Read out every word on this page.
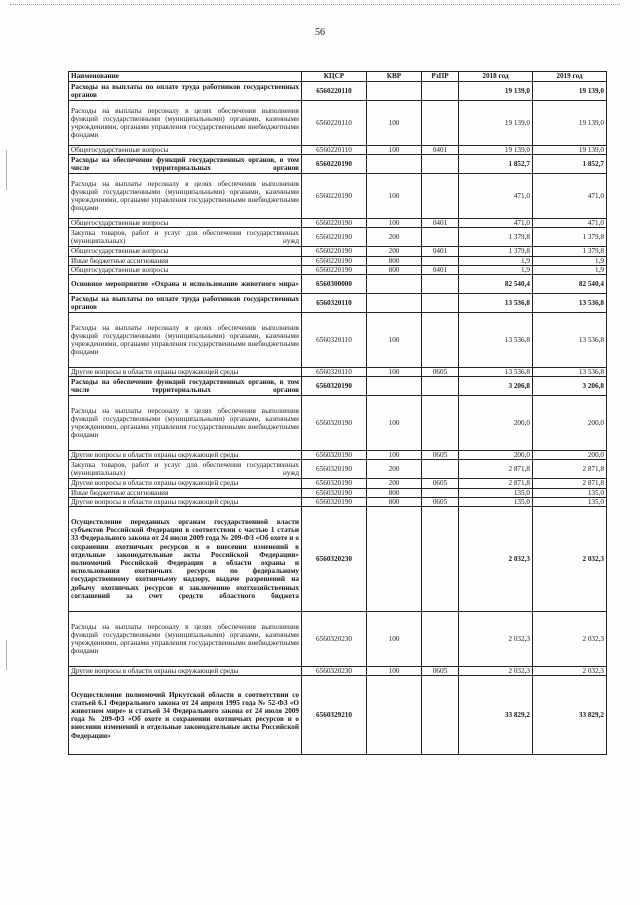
56
Наименование	КЦСР	КВР	РзПР	2018 год	2019 год
Расходы на выплаты по оплате труда работников государственных органов	6560220110			19 139,0	19 139,0
Расходы на выплаты персоналу в целях обеспечения выполнения функций государственными (муниципальными) органами, казенными учреждениями, органами управления государственными внебюджетными фондами	6560220110	100		19 139,0	19 139,0
Общегосударственные вопросы	6560220110	100	0401	19 139,0	19 139,0
Расходы на обеспечение функций государственных органов, в том числе территориальных органов	6560220190			1 852,7	1 852,7
Расходы на выплаты персоналу в целях обеспечения выполнения функций государственными (муниципальными) органами, казенными учреждениями, органами управления государственными внебюджетными фондами	6560220190	100		471,0	471,0
Общегосударственные вопросы	6560220190	100	0401	471,0	471,0
Закупка товаров, работ и услуг для обеспечения государственных (муниципальных) нужд	6560220190	200		1 379,8	1 379,8
Общегосударственные вопросы	6560220190	200	0401	1 379,8	1 379,8
Иные бюджетные ассигнования	6560220190	800		1,9	1,9
Общегосударственные вопросы	6560220190	800	0401	1,9	1,9
Основное мероприятие «Охрана и использование животного мира»	6560300000			82 540,4	82 540,4
Расходы на выплаты по оплате труда работников государственных органов	6560320110			13 536,8	13 536,8
Расходы на выплаты персоналу в целях обеспечения выполнения функций государственными (муниципальными) органами, казенными учреждениями, органами управления государственными внебюджетными фондами	6560320110	100		13 536,8	13 536,8
Другие вопросы в области охраны окружающей среды	6560320110	100	0605	13 536,8	13 536,8
Расходы на обеспечение функций государственных органов, в том числе территориальных органов	6560320190			3 206,8	3 206,8
Расходы на выплаты персоналу в целях обеспечения выполнения функций государственными (муниципальными) органами, казенными учреждениями, органами управления государственными внебюджетными фондами	6560320190	100		200,0	200,0
Другие вопросы в области охраны окружающей среды	6560320190	100	0605	200,0	200,0
Закупка товаров, работ и услуг для обеспечения государственных (муниципальных) нужд	6560320190	200		2 871,8	2 871,8
Другие вопросы в области охраны окружающей среды	6560320190	200	0605	2 871,8	2 871,8
Иные бюджетные ассигнования	6560320190	800		135,0	135,0
Другие вопросы в области охраны окружающей среды	6560320190	800	0605	135,0	135,0
Осуществление переданных органам государственной власти субъектов Российской Федерации в соответствии с частью 1 статьи 33 Федерального закона от 24 июля 2009 года № 209-ФЗ «Об охоте и о сохранении охотничьих ресурсов и о внесении изменений в отдельные законодательные акты Российской Федерации» полномочий Российской Федерации в области охраны и использования охотничьих ресурсов по федеральному государственному охотничьему надзору, выдаче разрешений на добычу охотничьих ресурсов и заключению охотхозяйственных соглашений за счет средств областного бюджета	6560320230			2 032,3	2 032,3
Расходы на выплаты персоналу в целях обеспечения выполнения функций государственными (муниципальными) органами, казенными учреждениями, органами управления государственными внебюджетными фондами	6560320230	100		2 032,3	2 032,3
Другие вопросы в области охраны окружающей среды	6560320230	100	0605	2 032,3	2 032,3
Осуществление полномочий Иркутской области в соответствии со статьей 6.1 Федерального закона от 24 апреля 1995 года № 52-ФЗ «О животном мире» и статьей 34 Федерального закона от 24 июля 2009 года № 209-ФЗ «Об охоте и сохранении охотничьих ресурсов и о внесении изменений в отдельные законодательные акты Российской Федерации»	6560329210			33 829,2	33 829,2
